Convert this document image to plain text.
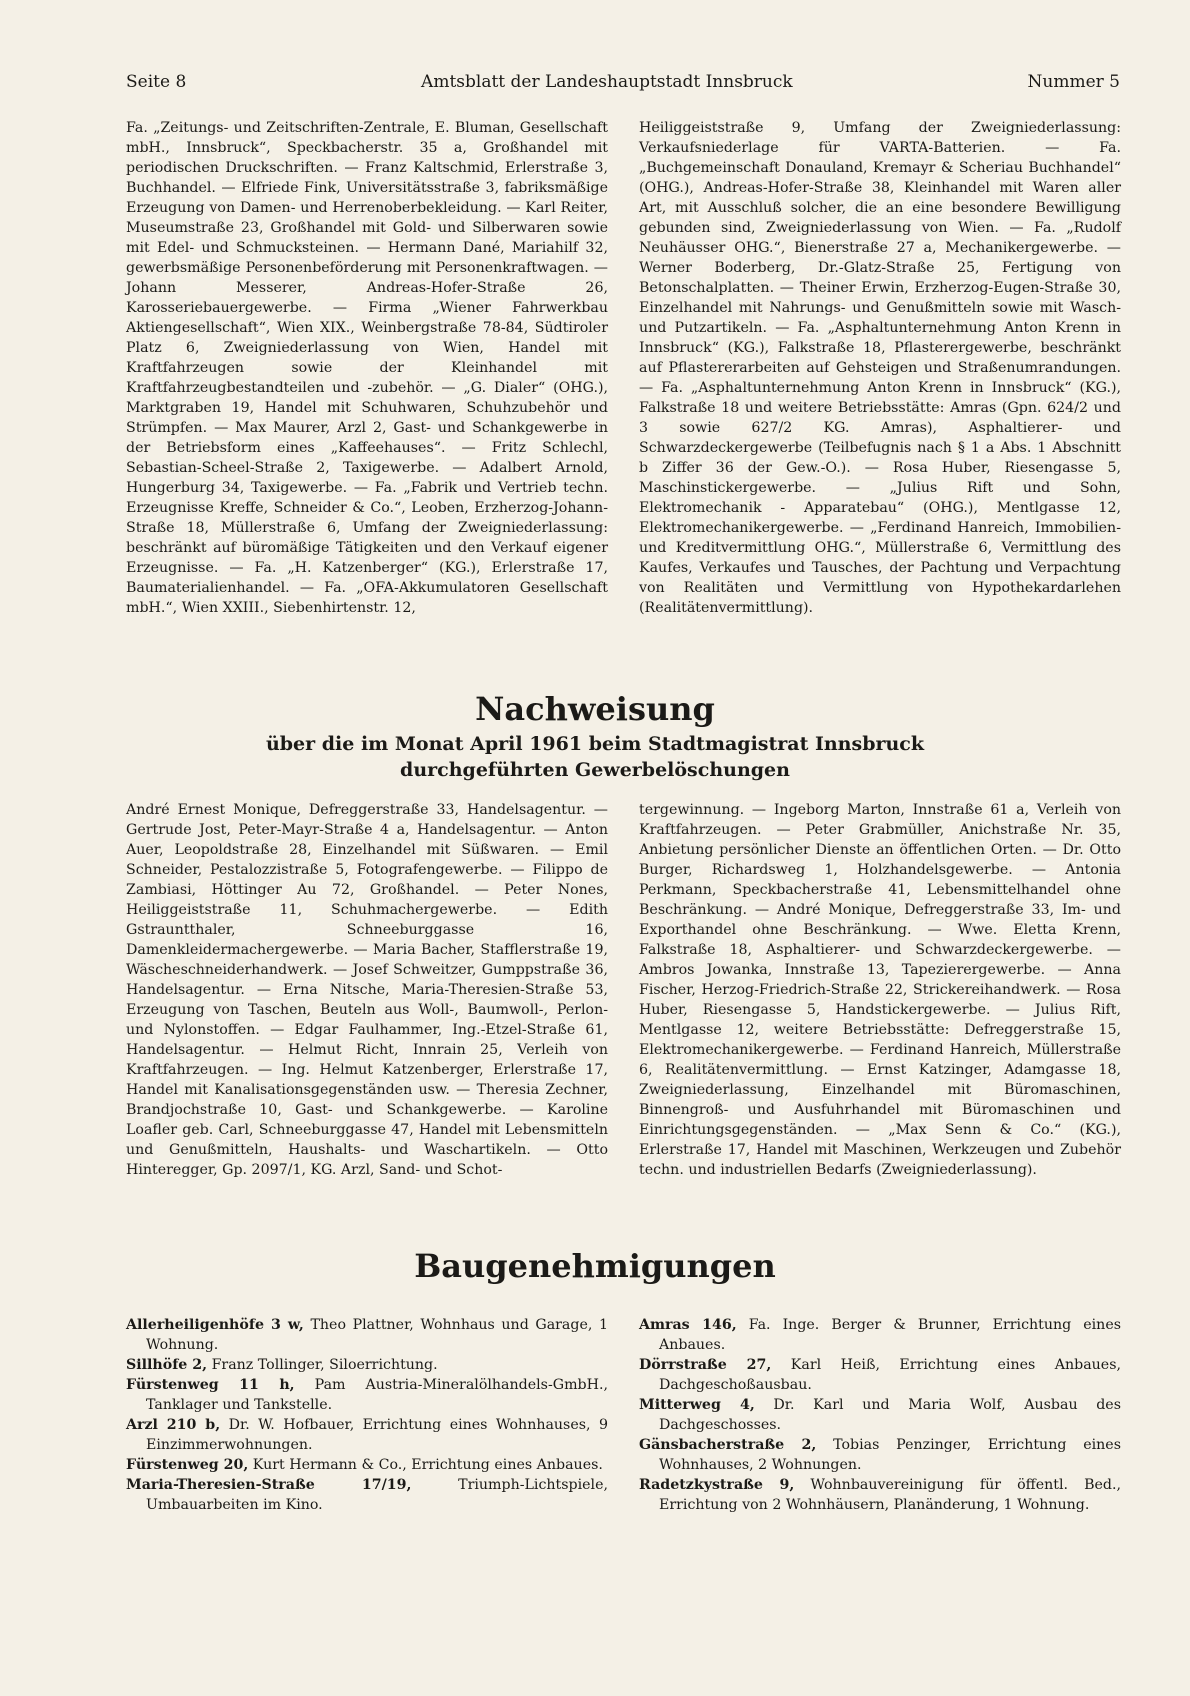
Seite 8	Amtsblatt der Landeshauptstadt Innsbruck	Nummer 5

Fa. „Zeitungs- und Zeitschriften-Zentrale, E. Bluman, Gesellschaft mbH., Innsbruck“, Speckbacherstr. 35 a, Großhandel mit periodischen Druckschriften. — Franz Kaltschmid, Erlerstraße 3, Buchhandel. — Elfriede Fink, Universitätsstraße 3, fabriksmäßige Erzeugung von Damen- und Herrenoberbekleidung. — Karl Reiter, Museumstraße 23, Großhandel mit Gold- und Silberwaren sowie mit Edel- und Schmucksteinen. — Hermann Dané, Mariahilf 32, gewerbsmäßige Personenbeförderung mit Personenkraftwagen. — Johann Messerer, Andreas-Hofer-Straße 26, Karosseriebauergewerbe. — Firma „Wiener Fahrwerkbau Aktiengesellschaft“, Wien XIX., Weinbergstraße 78-84, Südtiroler Platz 6, Zweigniederlassung von Wien, Handel mit Kraftfahrzeugen sowie der Kleinhandel mit Kraftfahrzeugbestandteilen und -zubehör. — „G. Dialer“ (OHG.), Marktgraben 19, Handel mit Schuhwaren, Schuhzubehör und Strümpfen. — Max Maurer, Arzl 2, Gast- und Schankgewerbe in der Betriebsform eines „Kaffeehauses“. — Fritz Schlechl, Sebastian-Scheel-Straße 2, Taxigewerbe. — Adalbert Arnold, Hungerburg 34, Taxigewerbe. — Fa. „Fabrik und Vertrieb techn. Erzeugnisse Kreffe, Schneider & Co.“, Leoben, Erzherzog-Johann-Straße 18, Müllerstraße 6, Umfang der Zweigniederlassung: beschränkt auf büromäßige Tätigkeiten und den Verkauf eigener Erzeugnisse. — Fa. „H. Katzenberger“ (KG.), Erlerstraße 17, Baumaterialienhandel. — Fa. „OFA-Akkumulatoren Gesellschaft mbH.“, Wien XXIII., Siebenhirtenstr. 12,

Heiliggeiststraße 9, Umfang der Zweigniederlassung: Verkaufsniederlage für VARTA-Batterien. — Fa. „Buchgemeinschaft Donauland, Kremayr & Scheriau Buchhandel“ (OHG.), Andreas-Hofer-Straße 38, Kleinhandel mit Waren aller Art, mit Ausschluß solcher, die an eine besondere Bewilligung gebunden sind, Zweigniederlassung von Wien. — Fa. „Rudolf Neuhäusser OHG.“, Bienerstraße 27 a, Mechanikergewerbe. — Werner Boderberg, Dr.-Glatz-Straße 25, Fertigung von Betonschalplatten. — Theiner Erwin, Erzherzog-Eugen-Straße 30, Einzelhandel mit Nahrungs- und Genußmitteln sowie mit Wasch- und Putzartikeln. — Fa. „Asphaltunternehmung Anton Krenn in Innsbruck“ (KG.), Falkstraße 18, Pflasterergewerbe, beschränkt auf Pflastererarbeiten auf Gehsteigen und Straßenumrandungen. — Fa. „Asphaltunternehmung Anton Krenn in Innsbruck“ (KG.), Falkstraße 18 und weitere Betriebsstätte: Amras (Gpn. 624/2 und 3 sowie 627/2 KG. Amras), Asphaltierer- und Schwarzdeckergewerbe (Teilbefugnis nach § 1 a Abs. 1 Abschnitt b Ziffer 36 der Gew.-O.). — Rosa Huber, Riesengasse 5, Maschinstickergewerbe. — „Julius Rift und Sohn, Elektromechanik - Apparatebau“ (OHG.), Mentlgasse 12, Elektromechanikergewerbe. — „Ferdinand Hanreich, Immobilien- und Kreditvermittlung OHG.“, Müllerstraße 6, Vermittlung des Kaufes, Verkaufes und Tausches, der Pachtung und Verpachtung von Realitäten und Vermittlung von Hypothekardarlehen (Realitätenvermittlung).

Nachweisung
über die im Monat April 1961 beim Stadtmagistrat Innsbruck
durchgeführten Gewerbelöschungen

André Ernest Monique, Defreggerstraße 33, Handelsagentur. — Gertrude Jost, Peter-Mayr-Straße 4 a, Handelsagentur. — Anton Auer, Leopoldstraße 28, Einzelhandel mit Süßwaren. — Emil Schneider, Pestalozzistraße 5, Fotografengewerbe. — Filippo de Zambiasi, Höttinger Au 72, Großhandel. — Peter Nones, Heiliggeiststraße 11, Schuhmachergewerbe. — Edith Gstrauntthaler, Schneeburggasse 16, Damenkleidermachergewerbe. — Maria Bacher, Stafflerstraße 19, Wäscheschneiderhandwerk. — Josef Schweitzer, Gumppstraße 36, Handelsagentur. — Erna Nitsche, Maria-Theresien-Straße 53, Erzeugung von Taschen, Beuteln aus Woll-, Baumwoll-, Perlon- und Nylonstoffen. — Edgar Faulhammer, Ing.-Etzel-Straße 61, Handelsagentur. — Helmut Richt, Innrain 25, Verleih von Kraftfahrzeugen. — Ing. Helmut Katzenberger, Erlerstraße 17, Handel mit Kanalisationsgegenständen usw. — Theresia Zechner, Brandjochstraße 10, Gast- und Schankgewerbe. — Karoline Loafler geb. Carl, Schneeburggasse 47, Handel mit Lebensmitteln und Genußmitteln, Haushalts- und Waschartikeln. — Otto Hinteregger, Gp. 2097/1, KG. Arzl, Sand- und Schot-

tergewinnung. — Ingeborg Marton, Innstraße 61 a, Verleih von Kraftfahrzeugen. — Peter Grabmüller, Anichstraße Nr. 35, Anbietung persönlicher Dienste an öffentlichen Orten. — Dr. Otto Burger, Richardsweg 1, Holzhandelsgewerbe. — Antonia Perkmann, Speckbacherstraße 41, Lebensmittelhandel ohne Beschränkung. — André Monique, Defreggerstraße 33, Im- und Exporthandel ohne Beschränkung. — Wwe. Eletta Krenn, Falkstraße 18, Asphaltierer- und Schwarzdeckergewerbe. — Ambros Jowanka, Innstraße 13, Tapezierergewerbe. — Anna Fischer, Herzog-Friedrich-Straße 22, Strickereihandwerk. — Rosa Huber, Riesengasse 5, Handstickergewerbe. — Julius Rift, Mentlgasse 12, weitere Betriebsstätte: Defreggerstraße 15, Elektromechanikergewerbe. — Ferdinand Hanreich, Müllerstraße 6, Realitätenvermittlung. — Ernst Katzinger, Adamgasse 18, Zweigniederlassung, Einzelhandel mit Büromaschinen, Binnengroß- und Ausfuhrhandel mit Büromaschinen und Einrichtungsgegenständen. — „Max Senn & Co.“ (KG.), Erlerstraße 17, Handel mit Maschinen, Werkzeugen und Zubehör techn. und industriellen Bedarfs (Zweigniederlassung).

Baugenehmigungen

Allerheiligenhöfe 3 w, Theo Plattner, Wohnhaus und Garage, 1 Wohnung.

Sillhöfe 2, Franz Tollinger, Siloerrichtung.

Fürstenweg 11 h, Pam Austria-Mineralölhandels-GmbH., Tanklager und Tankstelle.

Arzl 210 b, Dr. W. Hofbauer, Errichtung eines Wohnhauses, 9 Einzimmerwohnungen.

Fürstenweg 20, Kurt Hermann & Co., Errichtung eines Anbaues.

Maria-Theresien-Straße 17/19, Triumph-Lichtspiele, Umbauarbeiten im Kino.

Amras 146, Fa. Inge. Berger & Brunner, Errichtung eines Anbaues.

Dörrstraße 27, Karl Heiß, Errichtung eines Anbaues, Dachgeschoßausbau.

Mitterweg 4, Dr. Karl und Maria Wolf, Ausbau des Dachgeschosses.

Gänsbacherstraße 2, Tobias Penzinger, Errichtung eines Wohnhauses, 2 Wohnungen.

Radetzkystraße 9, Wohnbauvereinigung für öffentl. Bed., Errichtung von 2 Wohnhäusern, Planänderung, 1 Wohnung.
